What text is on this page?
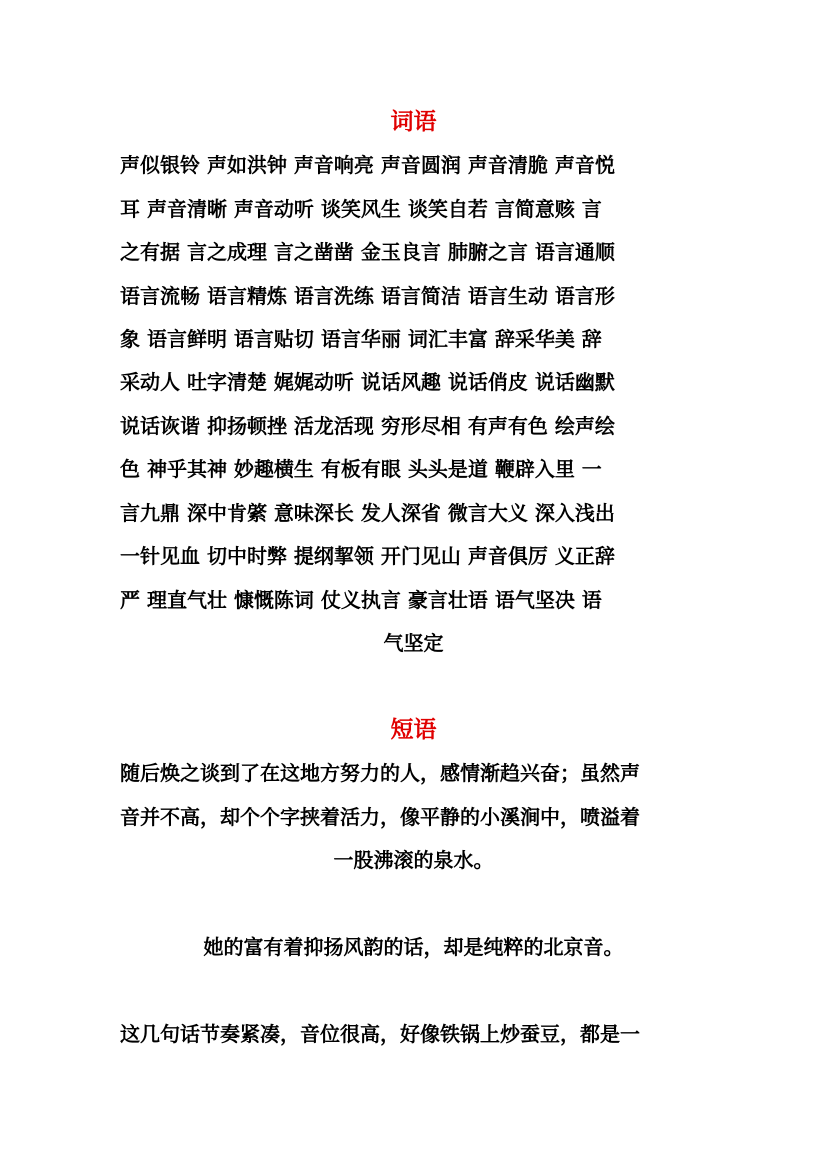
词语
声似银铃 声如洪钟 声音响亮 声音圆润 声音清脆 声音悦
耳 声音清晰 声音动听 谈笑风生 谈笑自若 言简意赅 言
之有据 言之成理 言之凿凿 金玉良言 肺腑之言 语言通顺
语言流畅 语言精炼 语言洗练 语言简洁 语言生动 语言形
象 语言鲜明 语言贴切 语言华丽 词汇丰富 辞采华美 辞
采动人 吐字清楚 娓娓动听 说话风趣 说话俏皮 说话幽默
说话诙谐 抑扬顿挫 活龙活现 穷形尽相 有声有色 绘声绘
色 神乎其神 妙趣横生 有板有眼 头头是道 鞭辟入里 一
言九鼎 深中肯綮 意味深长 发人深省 微言大义 深入浅出
一针见血 切中时弊 提纲挈领 开门见山 声音俱厉 义正辞
严 理直气壮 慷慨陈词 仗义执言 豪言壮语 语气坚决 语
气坚定
短语
随后焕之谈到了在这地方努力的人，感情渐趋兴奋；虽然声
音并不高，却个个字挟着活力，像平静的小溪涧中，喷溢着
一股沸滚的泉水。
她的富有着抑扬风韵的话，却是纯粹的北京音。
这几句话节奏紧凑，音位很高，好像铁锅上炒蚕豆，都是一
